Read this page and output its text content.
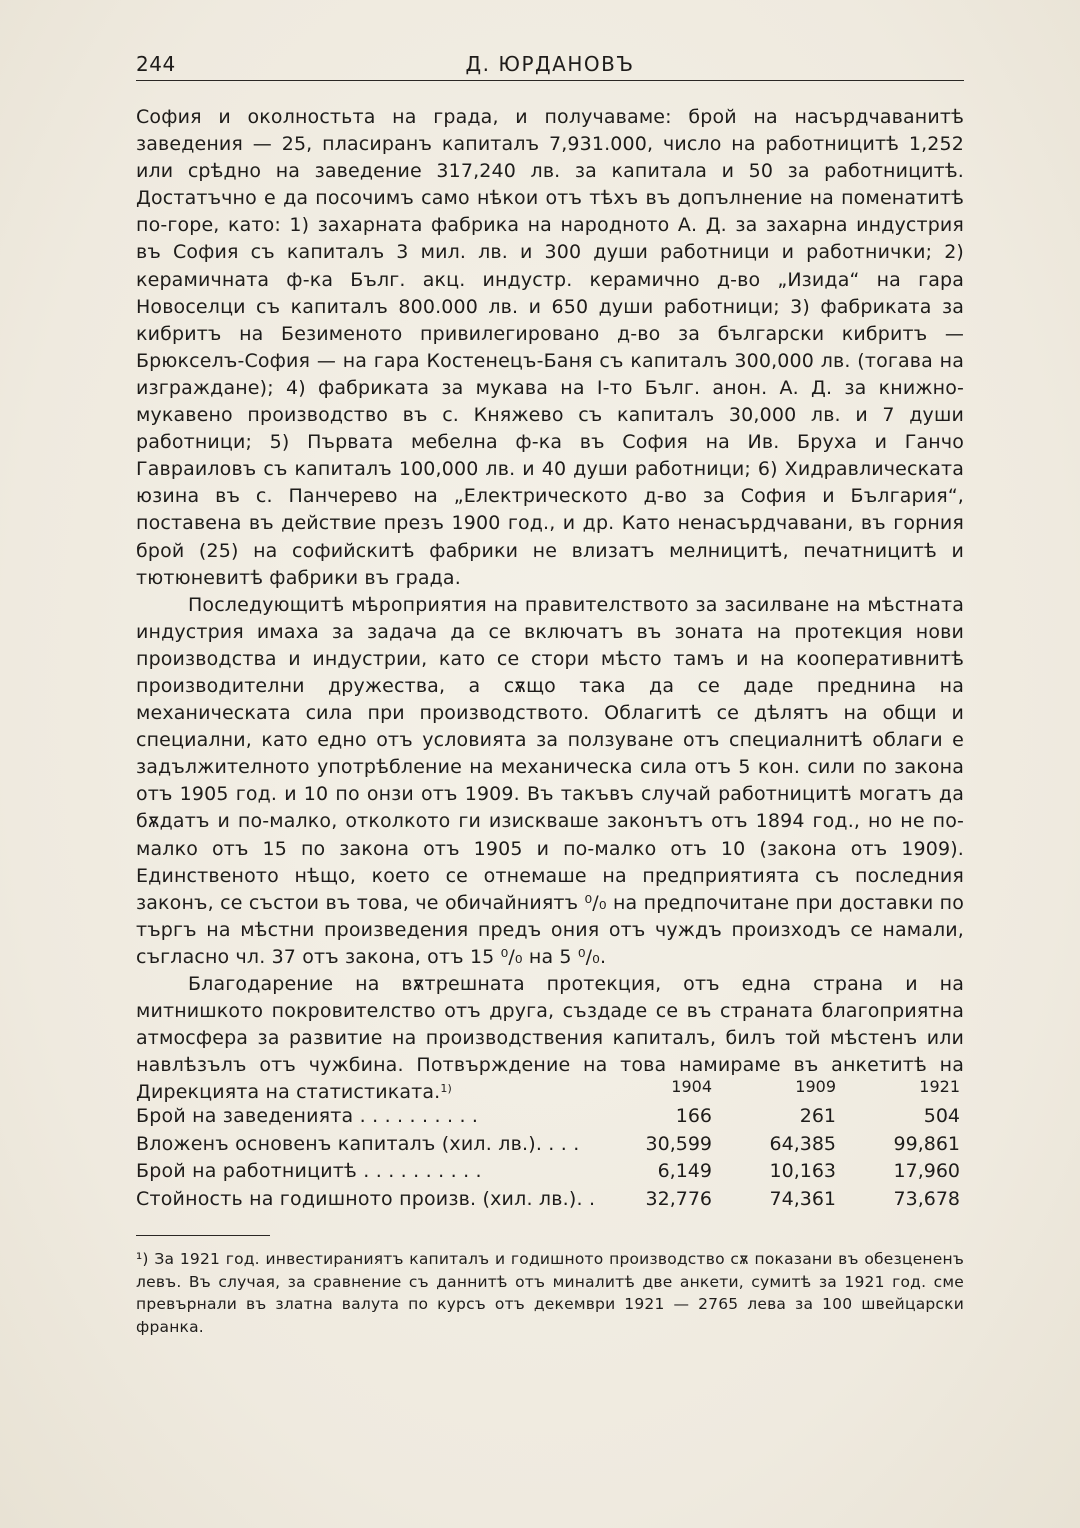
244	Д. ЮРДАНОВЪ

София и околностьта на града, и получаваме: брой на насърдчаванитѣ заведения — 25, пласиранъ капиталъ 7,931.000, число на работницитѣ 1,252 или срѣдно на заведение 317,240 лв. за капитала и 50 за работницитѣ. Достатъчно е да посочимъ само нѣкои отъ тѣхъ въ допълнение на поменатитѣ по-горе, като: 1) захарната фабрика на народното А. Д. за захарна индустрия въ София съ капиталъ 3 мил. лв. и 300 души работници и работнички; 2) керамичната ф-ка Бълг. акц. индустр. керамично д-во „Изида“ на гара Новоселци съ капиталъ 800.000 лв. и 650 души работници; 3) фабриката за кибритъ на Безименото привилегировано д-во за български кибритъ — Брюкселъ-София — на гара Костенецъ-Баня съ капиталъ 300,000 лв. (тогава на изграждане); 4) фабриката за мукава на I-то Бълг. анон. А. Д. за книжно-мукавено производство въ с. Княжево съ капиталъ 30,000 лв. и 7 души работници; 5) Първата мебелна ф-ка въ София на Ив. Бруха и Ганчо Гавраиловъ съ капиталъ 100,000 лв. и 40 души работници; 6) Хидравлическата юзина въ с. Панчерево на „Електрическото д-во за София и България“, поставена въ действие презъ 1900 год., и др. Като ненасърдчавани, въ горния брой (25) на софийскитѣ фабрики не влизатъ мелницитѣ, печатницитѣ и тютюневитѣ фабрики въ града.

Последующитѣ мѣроприятия на правителството за засилване на мѣстната индустрия имаха за задача да се включатъ въ зоната на протекция нови производства и индустрии, като се стори мѣсто тамъ и на кооперативнитѣ производителни дружества, а сѫщо така да се даде преднина на механическата сила при производството. Облагитѣ се дѣлятъ на общи и специални, като едно отъ условията за ползуване отъ специалнитѣ облаги е задължителното употрѣбление на механическа сила отъ 5 кон. сили по закона отъ 1905 год. и 10 по онзи отъ 1909. Въ такъвъ случай работницитѣ могатъ да бѫдатъ и по-малко, отколкото ги изискваше законътъ отъ 1894 год., но не по-малко отъ 15 по закона отъ 1905 и по-малко отъ 10 (закона отъ 1909). Единственото нѣщо, което се отнемаше на предприятията съ последния законъ, се състои въ това, че обичайниятъ ⁰/₀ на предпочитане при доставки по търгъ на мѣстни произведения предъ ония отъ чуждъ произходъ се намали, съгласно чл. 37 отъ закона, отъ 15 ⁰/₀ на 5 ⁰/₀.

Благодарение на вѫтрешната протекция, отъ една страна и на митнишкото покровителство отъ друга, създаде се въ страната благоприятна атмосфера за развитие на производствения капиталъ, билъ той мѣстенъ или навлѣзълъ отъ чужбина. Потвърждение на това намираме въ анкетитѣ на Дирекцията на статистиката.$^{1)}$	1904	1909	1921
Брой на заведенията . . . . . . . . . .	166	261	504
Вложенъ основенъ капиталъ (хил. лв.). . . .	30,599	64,385	99,861
Брой на работницитѣ . . . . . . . . . .	6,149	10,163	17,960
Стойность на годишното произв. (хил. лв.). .	32,776	74,361	73,678

¹) За 1921 год. инвестираниятъ капиталъ и годишното производство сѫ показани въ обезцененъ левъ. Въ случая, за сравнение съ даннитѣ отъ миналитѣ две анкети, сумитѣ за 1921 год. сме превърнали въ златна валута по курсъ отъ декември 1921 — 2765 лева за 100 швейцарски франка.
